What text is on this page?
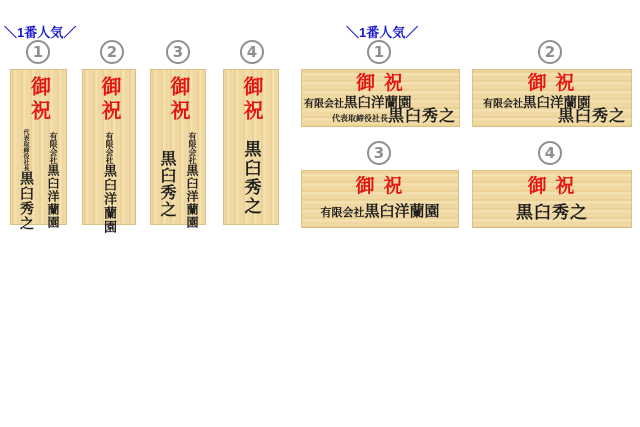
＼1番人気／
1	2	3	4
御祝
有限会社黒臼洋蘭園
代表取締役社長黒臼秀之
御祝
有限会社黒臼洋蘭園
御祝
有限会社黒臼洋蘭園
黒臼秀之
御祝
黒臼秀之
＼1番人気／
1	2
3	4
御 祝
有限会社黒臼洋蘭園
代表取締役社長黒臼秀之
御 祝
有限会社黒臼洋蘭園
黒臼秀之
御 祝
有限会社黒臼洋蘭園
御 祝
黒臼秀之
